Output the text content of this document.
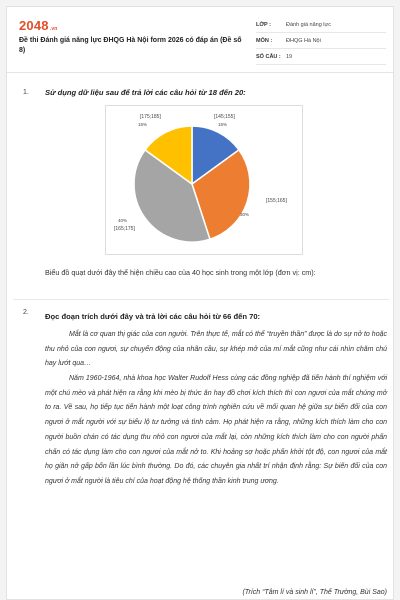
2048.vn
Đề thi Đánh giá năng lực ĐHQG Hà Nội form 2026 có đáp án (Đề số 8)
LỚP :	Đánh giá năng lực
MÔN :	ĐHQG Hà Nội
SỐ CÂU : 19
1. Sử dụng dữ liệu sau để trả lời các câu hỏi từ 18 đến 20:
[145;155]
15%
[155;165]
30%
[165;175]
40%
[175;185]
15%
Biểu đồ quạt dưới đây thể hiện chiều cao của 40 học sinh trong một lớp (đơn vị: cm):
2. Đọc đoạn trích dưới đây và trả lời các câu hỏi từ 66 đến 70:

Mắt là cơ quan thị giác của con người. Trên thực tế, mắt có thể “truyền thần” được là do sự nở to hoặc thu nhỏ của con ngươi, sự chuyển động của nhãn cầu, sự khép mở của mí mắt cũng như cái nhìn chăm chú hay lướt qua…

Năm 1960-1964, nhà khoa học Walter Rudolf Hess cùng các đồng nghiệp đã tiến hành thí nghiệm với một chú mèo và phát hiện ra rằng khi mèo bị thức ăn hay đồ chơi kích thích thì con ngươi của mắt chúng mở to ra. Về sau, họ tiếp tục tiến hành một loạt công trình nghiên cứu về mối quan hệ giữa sự biến đổi của con ngươi ở mắt người với sự biểu lộ tư tưởng và tình cảm. Họ phát hiện ra rằng, những kích thích làm cho con người buồn chán có tác dụng thu nhỏ con ngươi của mắt lại, còn những kích thích làm cho con người phấn chấn có tác dụng làm cho con ngươi của mắt nở to. Khi hoảng sợ hoặc phấn khởi tột độ, con ngươi của mắt họ giãn nở gấp bốn lần lúc bình thường. Do đó, các chuyên gia nhất trí nhận định rằng: Sự biến đổi của con ngươi ở mắt người là tiêu chí của hoạt động hệ thống thần kinh trung ương.

(Trích “Tâm lí và sinh lí”, Thế Trường, Bùi Sao)
